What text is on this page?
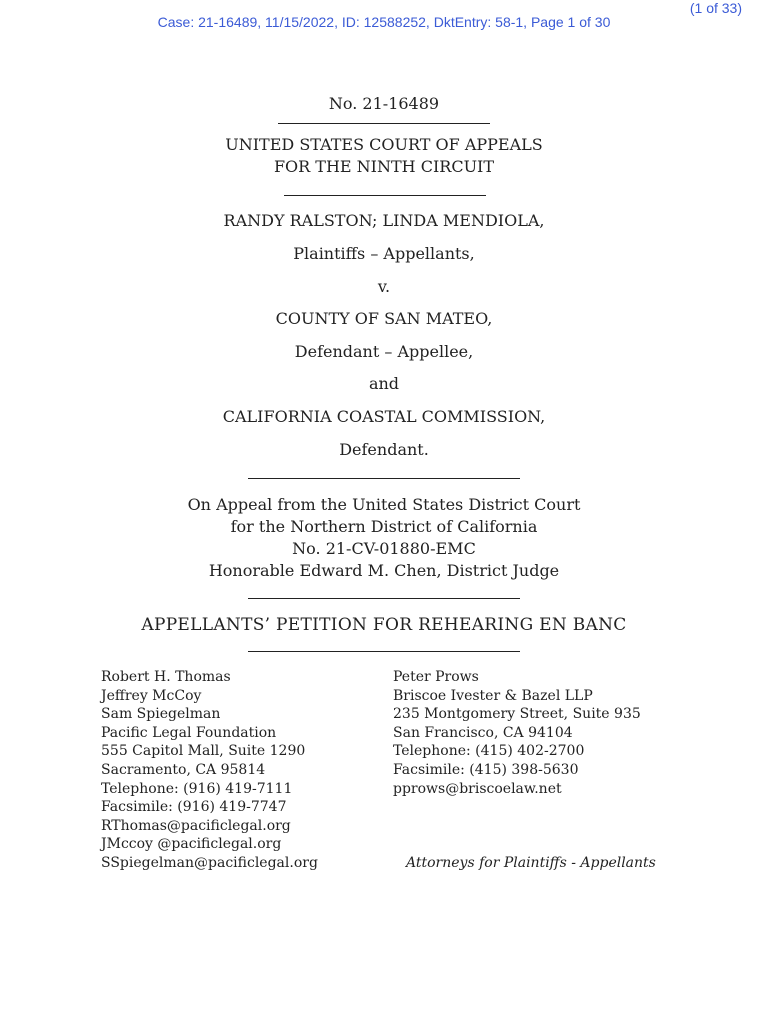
Case: 21-16489, 11/15/2022, ID: 12588252, DktEntry: 58-1, Page 1 of 30
(1 of 33)
No. 21-16489
UNITED STATES COURT OF APPEALS
FOR THE NINTH CIRCUIT
RANDY RALSTON; LINDA MENDIOLA,
Plaintiffs – Appellants,
v.
COUNTY OF SAN MATEO,
Defendant – Appellee,
and
CALIFORNIA COASTAL COMMISSION,
Defendant.
On Appeal from the United States District Court
for the Northern District of California
No. 21-CV-01880-EMC
Honorable Edward M. Chen, District Judge
APPELLANTS’ PETITION FOR REHEARING EN BANC
Robert H. Thomas
Jeffrey McCoy
Sam Spiegelman
Pacific Legal Foundation
555 Capitol Mall, Suite 1290
Sacramento, CA 95814
Telephone: (916) 419-7111
Facsimile: (916) 419-7747
RThomas@pacificlegal.org
JMccoy @pacificlegal.org
SSpiegelman@pacificlegal.org
Peter Prows
Briscoe Ivester & Bazel LLP
235 Montgomery Street, Suite 935
San Francisco, CA 94104
Telephone: (415) 402-2700
Facsimile: (415) 398-5630
pprows@briscoelaw.net
Attorneys for Plaintiffs - Appellants
